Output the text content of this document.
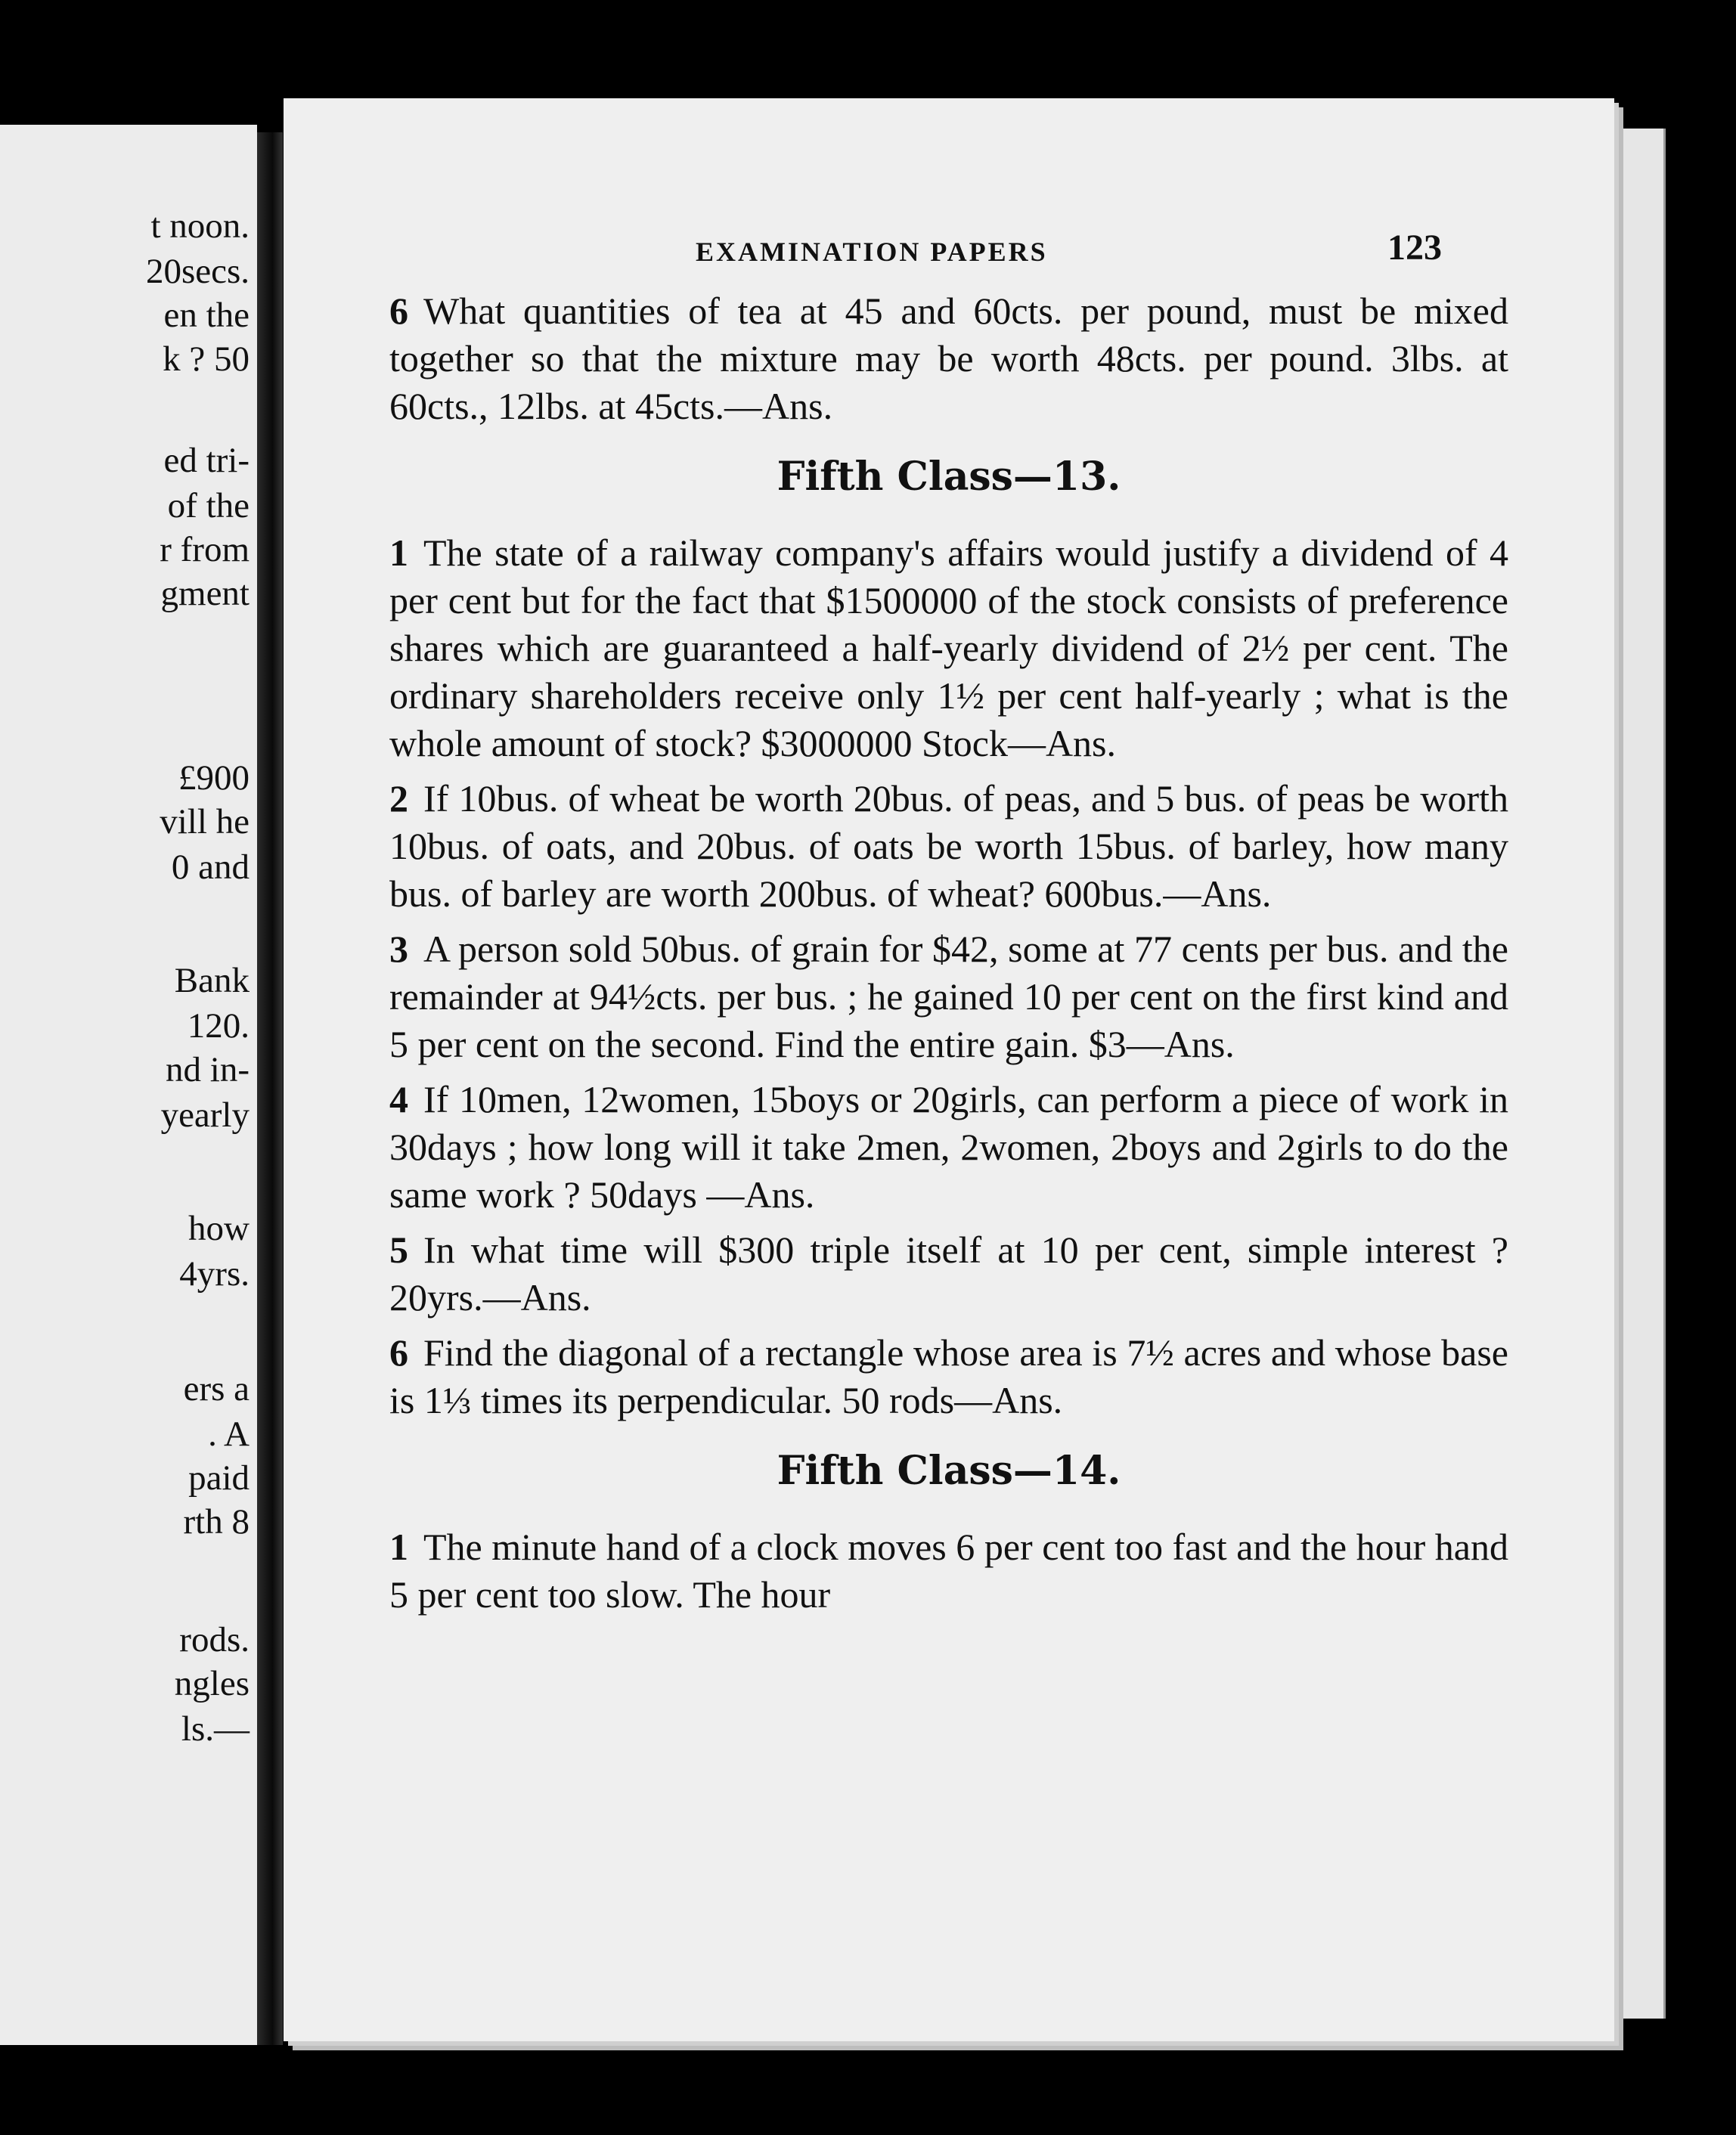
t noon.
20secs.
en the
k ? 50
ed tri-
of the
r from
gment
£900
vill he
0 and
Bank
120.
nd in-
yearly
how
4yrs.
ers a
. A
paid
rth 8
rods.
ngles
ls.—
EXAMINATION PAPERS	123

6 What quantities of tea at 45 and 60cts. per pound, must be mixed together so that the mixture may be worth 48cts. per pound. 3lbs. at 60cts., 12lbs. at 45cts.—Ans.

Fifth Class—13.

1 The state of a railway company's affairs would justify a dividend of 4 per cent but for the fact that $1500000 of the stock consists of preference shares which are guaranteed a half-yearly dividend of 2½ per cent. The ordinary shareholders receive only 1½ per cent half-yearly ; what is the whole amount of stock? $3000000 Stock—Ans.

2 If 10bus. of wheat be worth 20bus. of peas, and 5 bus. of peas be worth 10bus. of oats, and 20bus. of oats be worth 15bus. of barley, how many bus. of barley are worth 200bus. of wheat? 600bus.—Ans.

3 A person sold 50bus. of grain for $42, some at 77 cents per bus. and the remainder at 94½cts. per bus. ; he gained 10 per cent on the first kind and 5 per cent on the second. Find the entire gain. $3—Ans.

4 If 10men, 12women, 15boys or 20girls, can perform a piece of work in 30days ; how long will it take 2men, 2women, 2boys and 2girls to do the same work ? 50days —Ans.

5 In what time will $300 triple itself at 10 per cent, simple interest ? 20yrs.—Ans.

6 Find the diagonal of a rectangle whose area is 7½ acres and whose base is 1⅓ times its perpendicular. 50 rods—Ans.

Fifth Class—14.

1 The minute hand of a clock moves 6 per cent too fast and the hour hand 5 per cent too slow. The hour
